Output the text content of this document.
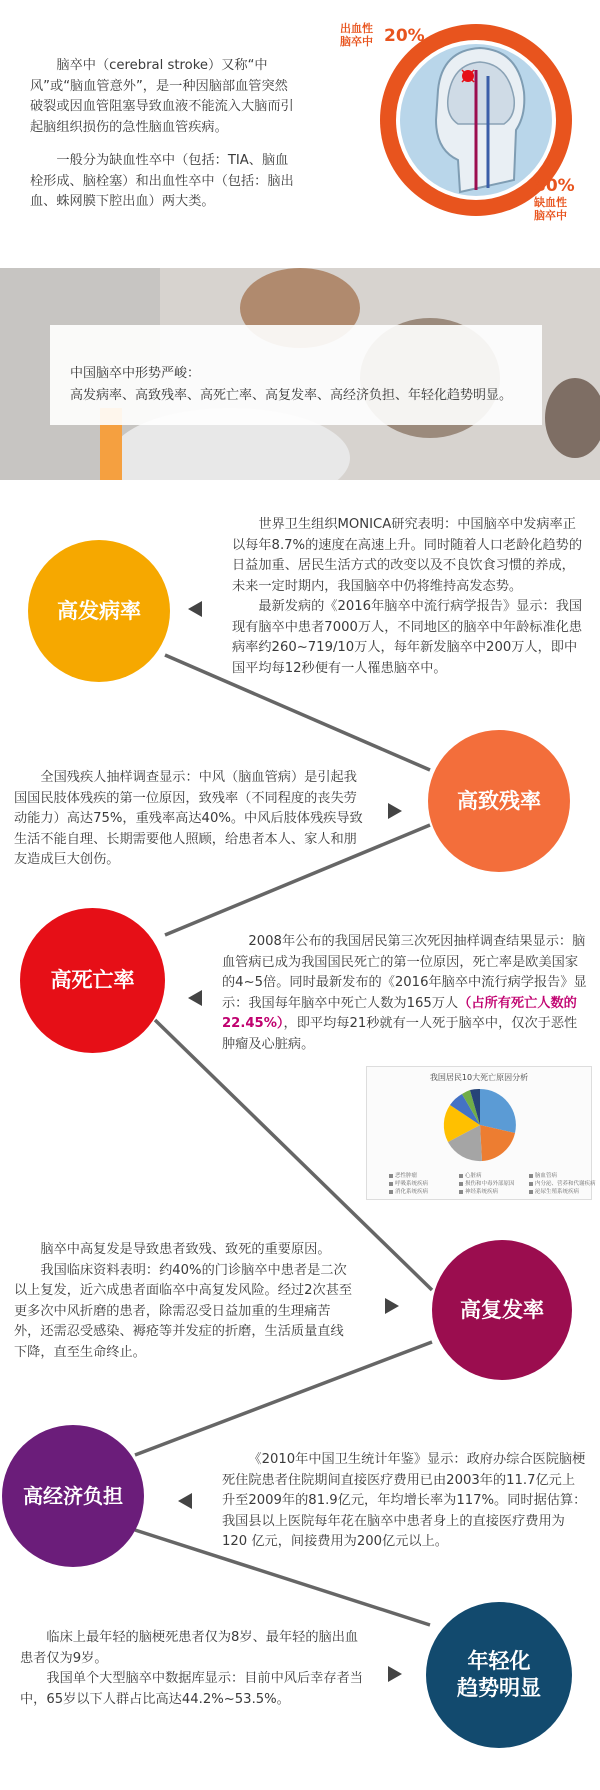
脑卒中（cerebral stroke）又称“中风”或“脑血管意外”，是一种因脑部血管突然破裂或因血管阻塞导致血液不能流入大脑而引起脑组织损伤的急性脑血管疾病。

一般分为缺血性卒中（包括：TIA、脑血栓形成、脑栓塞）和出血性卒中（包括：脑出血、蛛网膜下腔出血）两大类。

出血性
脑卒中 20%
80%
缺血性
脑卒中
中国脑卒中形势严峻：
高发病率、高致残率、高死亡率、高复发率、高经济负担、年轻化趋势明显。
高发病率

世界卫生组织MONICA研究表明：中国脑卒中发病率正以每年8.7%的速度在高速上升。同时随着人口老龄化趋势的日益加重、居民生活方式的改变以及不良饮食习惯的养成，未来一定时期内，我国脑卒中仍将维持高发态势。

最新发病的《2016年脑卒中流行病学报告》显示：我国现有脑卒中患者7000万人，不同地区的脑卒中年龄标准化患病率约260~719/10万人，每年新发脑卒中200万人，即中国平均每12秒便有一人罹患脑卒中。

全国残疾人抽样调查显示：中风（脑血管病）是引起我国国民肢体残疾的第一位原因，致残率（不同程度的丧失劳动能力）高达75%，重残率高达40%。中风后肢体残疾导致生活不能自理、长期需要他人照顾，给患者本人、家人和朋友造成巨大创伤。

高致残率
高死亡率

2008年公布的我国居民第三次死因抽样调查结果显示：脑血管病已成为我国国民死亡的第一位原因，死亡率是欧美国家的4~5倍。同时最新发布的《2016年脑卒中流行病学报告》显示：我国每年脑卒中死亡人数为165万人（占所有死亡人数的22.45%），即平均每21秒就有一人死于脑卒中，仅次于恶性肿瘤及心脏病。

我国居民10大死亡原因分析
恶性肿瘤	心脏病	脑血管病
呼吸系统疾病	损伤和中毒外部原因	内分泌、营养和代谢疾病
消化系统疾病	神经系统疾病	泌尿生殖系统疾病

脑卒中高复发是导致患者致残、致死的重要原因。

我国临床资料表明：约40%的门诊脑卒中患者是二次以上复发，近六成患者面临卒中高复发风险。经过2次甚至更多次中风折磨的患者，除需忍受日益加重的生理痛苦外，还需忍受感染、褥疮等并发症的折磨，生活质量直线下降，直至生命终止。

高复发率
高经济负担

《2010年中国卫生统计年鉴》显示：政府办综合医院脑梗死住院患者住院期间直接医疗费用已由2003年的11.7亿元上升至2009年的81.9亿元，年均增长率为117%。同时据估算：我国县以上医院每年花在脑卒中患者身上的直接医疗费用为120 亿元，间接费用为200亿元以上。

临床上最年轻的脑梗死患者仅为8岁、最年轻的脑出血患者仅为9岁。

我国单个大型脑卒中数据库显示：目前中风后幸存者当中，65岁以下人群占比高达44.2%~53.5%。

年轻化
趋势明显
